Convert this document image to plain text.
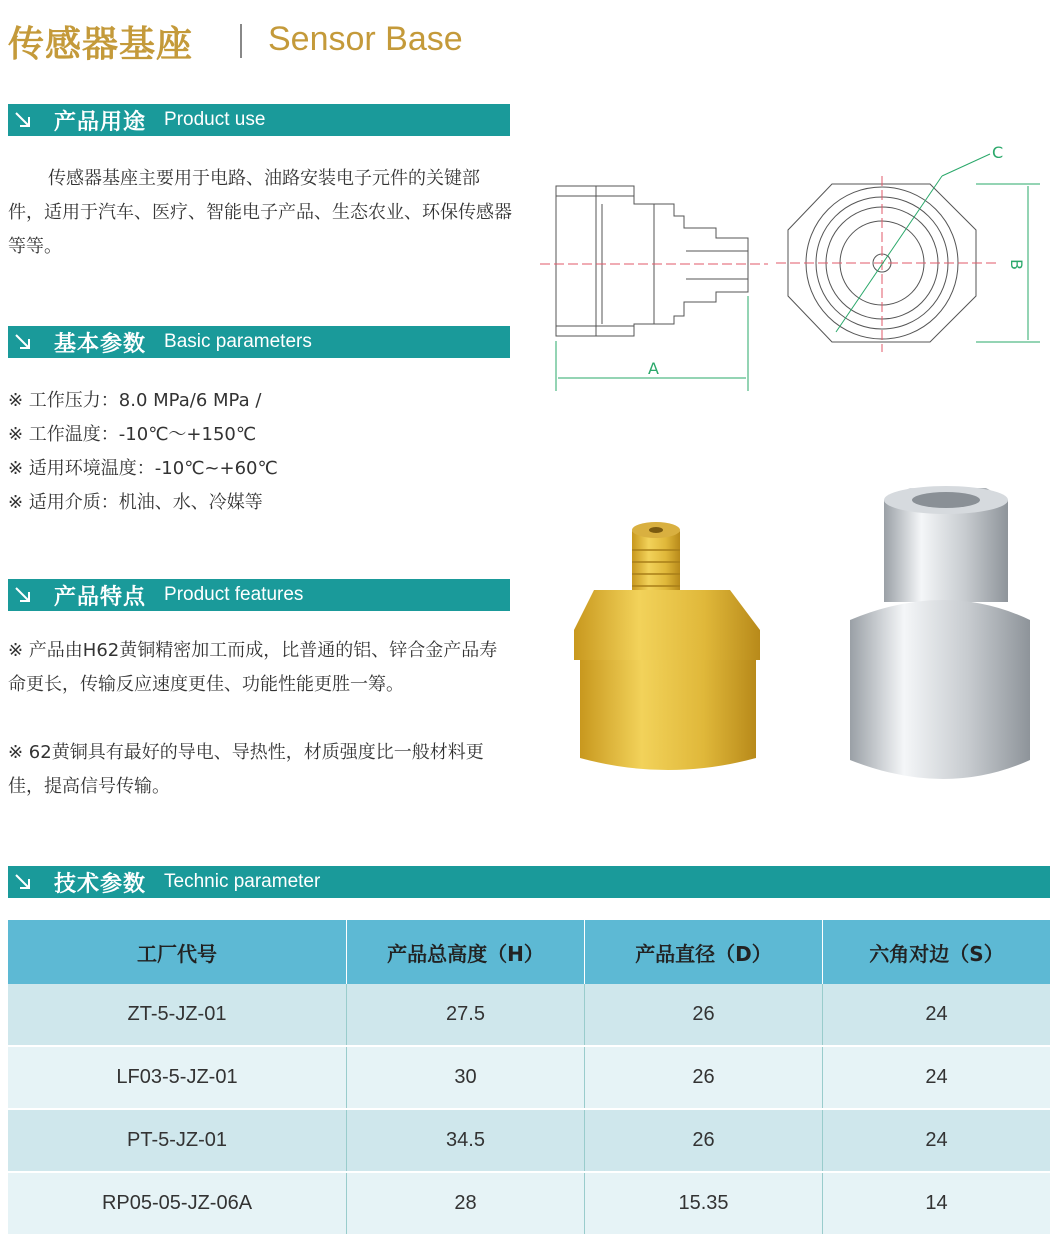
传感器基座 Sensor Base
产品用途 Product use
传感器基座主要用于电路、油路安装电子元件的关键部件，适用于汽车、医疗、智能电子产品、生态农业、环保传感器等等。
A
C
B
基本参数 Basic parameters
※ 工作压力：8.0 MPa/6 MPa /
※ 工作温度：-10℃～+150℃
※ 适用环境温度：-10℃~+60℃
※ 适用介质：机油、水、冷媒等
产品特点 Product features
※ 产品由H62黄铜精密加工而成，比普通的铝、锌合金产品寿命更长，传输反应速度更佳、功能性能更胜一筹。
※ 62黄铜具有最好的导电、导热性，材质强度比一般材料更佳，提高信号传输。
技术参数 Technic parameter
工厂代号	产品总高度（H）	产品直径（D）	六角对边（S）
ZT-5-JZ-01	27.5	26	24
LF03-5-JZ-01	30	26	24
PT-5-JZ-01	34.5	26	24
RP05-05-JZ-06A	28	15.35	14
